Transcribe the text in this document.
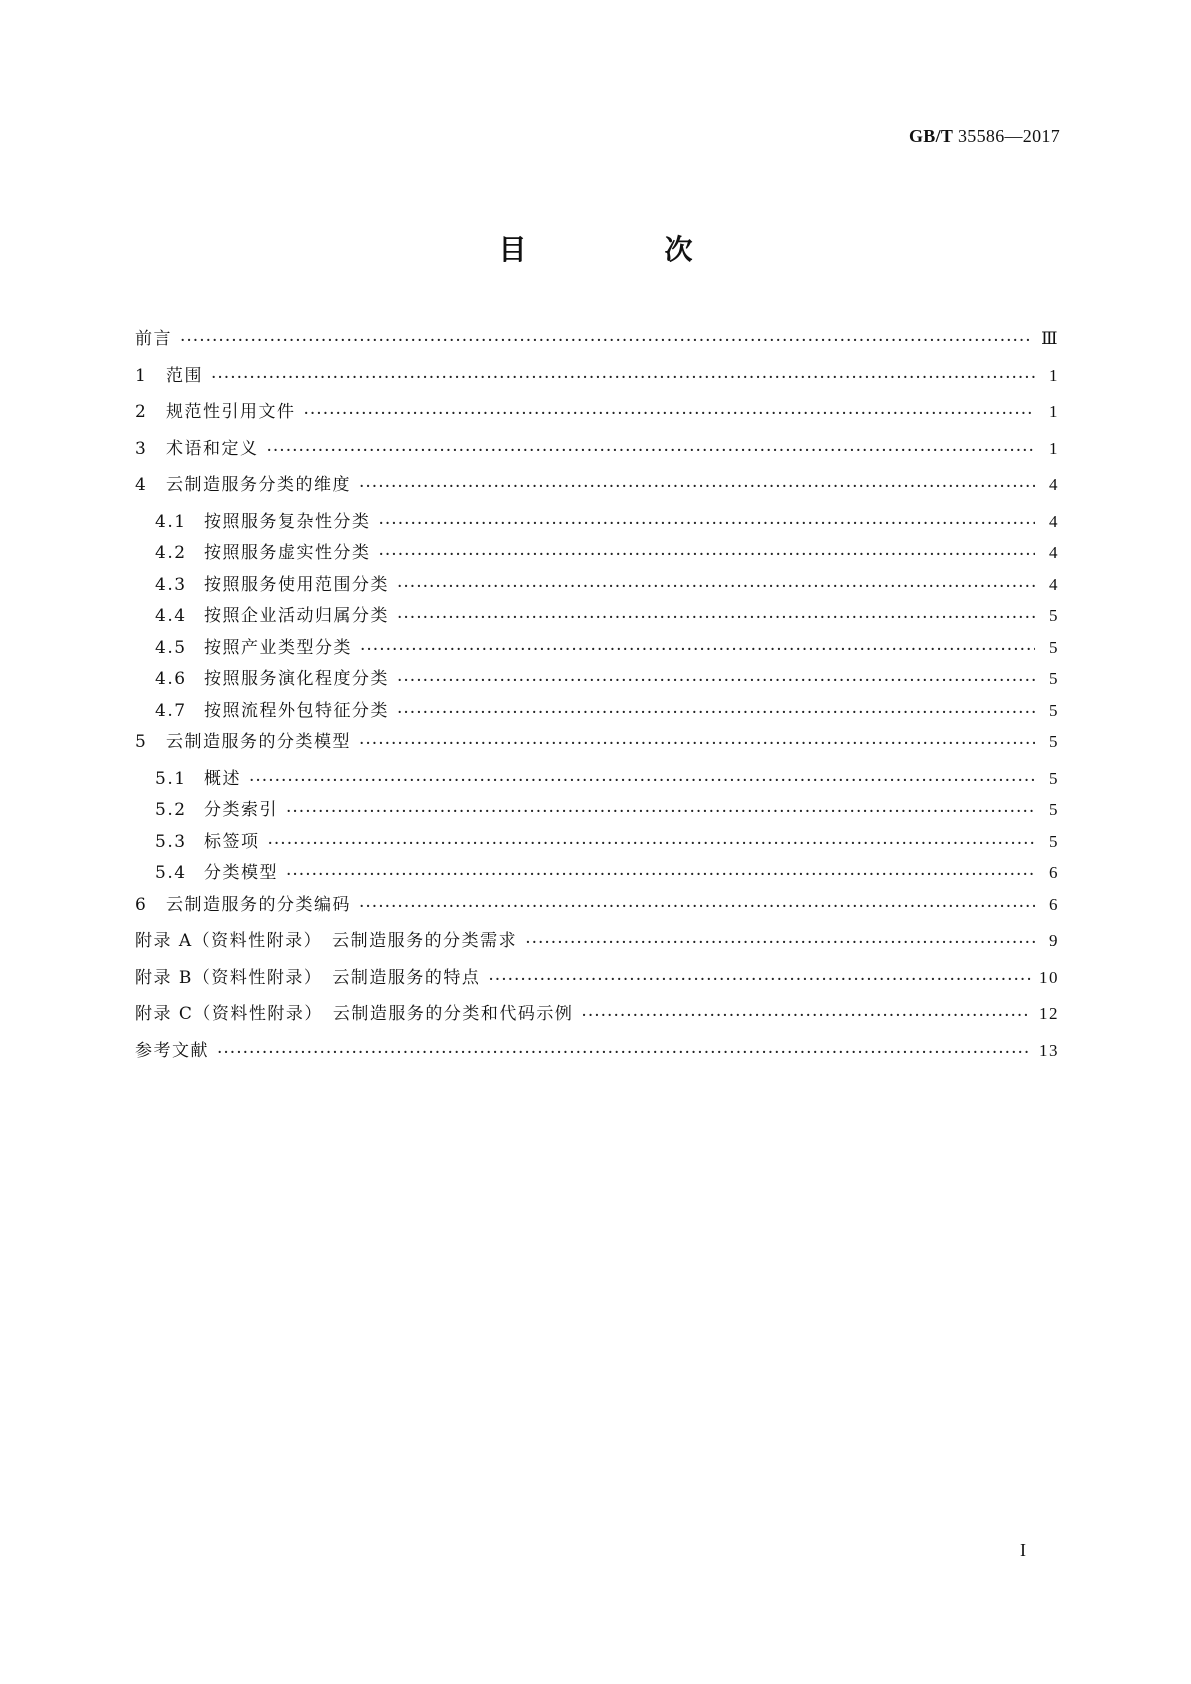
GB/T 35586—2017
目　次
前言 ·····	Ⅲ
1	范围 ·····	1
2	规范性引用文件 ·····	1
3	术语和定义 ·····	1
4	云制造服务分类的维度 ·····	4
4.1	按照服务复杂性分类 ·····	4
4.2	按照服务虚实性分类 ·····	4
4.3	按照服务使用范围分类 ·····	4
4.4	按照企业活动归属分类 ·····	5
4.5	按照产业类型分类 ·····	5
4.6	按照服务演化程度分类 ·····	5
4.7	按照流程外包特征分类 ·····	5
5	云制造服务的分类模型 ·····	5
5.1	概述 ·····	5
5.2	分类索引 ·····	5
5.3	标签项 ·····	5
5.4	分类模型 ·····	6
6	云制造服务的分类编码 ·····	6
附录 A（资料性附录）　云制造服务的分类需求 ·····	9
附录 B（资料性附录）　云制造服务的特点 ·····	10
附录 C（资料性附录）　云制造服务的分类和代码示例 ·····	12
参考文献 ·····	13
I
